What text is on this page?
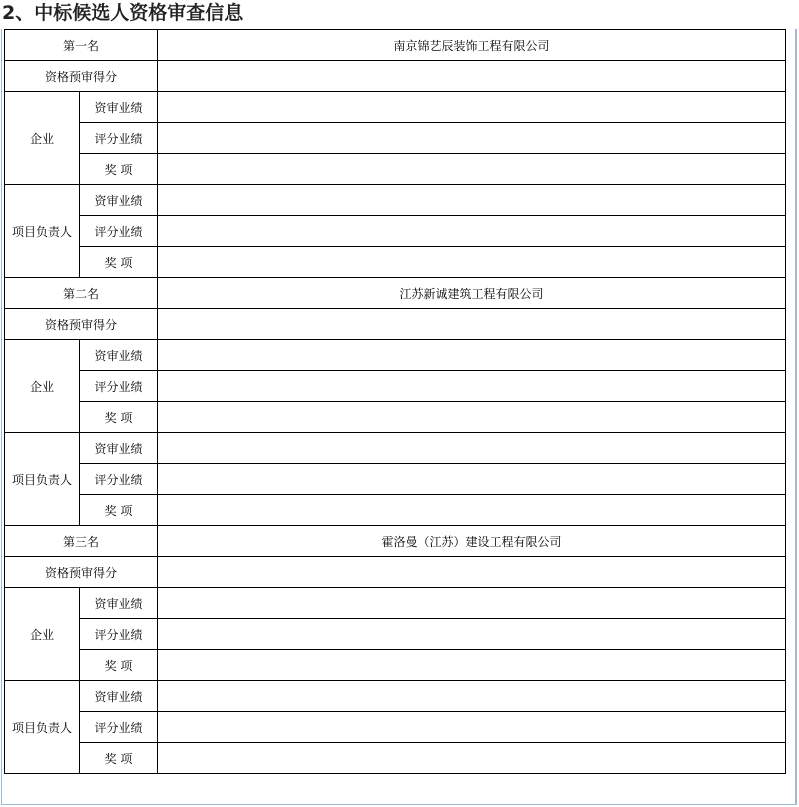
2、中标候选人资格审查信息
第一名		南京锦艺辰装饰工程有限公司
资格预审得分		
企业	资审业绩	
	评分业绩	
	奖 项	
项目负责人	资审业绩	
	评分业绩	
	奖 项	
第二名		江苏新诚建筑工程有限公司
资格预审得分		
企业	资审业绩	
	评分业绩	
	奖 项	
项目负责人	资审业绩	
	评分业绩	
	奖 项	
第三名		霍洛曼（江苏）建设工程有限公司
资格预审得分		
企业	资审业绩	
	评分业绩	
	奖 项	
项目负责人	资审业绩	
	评分业绩	
	奖 项	
